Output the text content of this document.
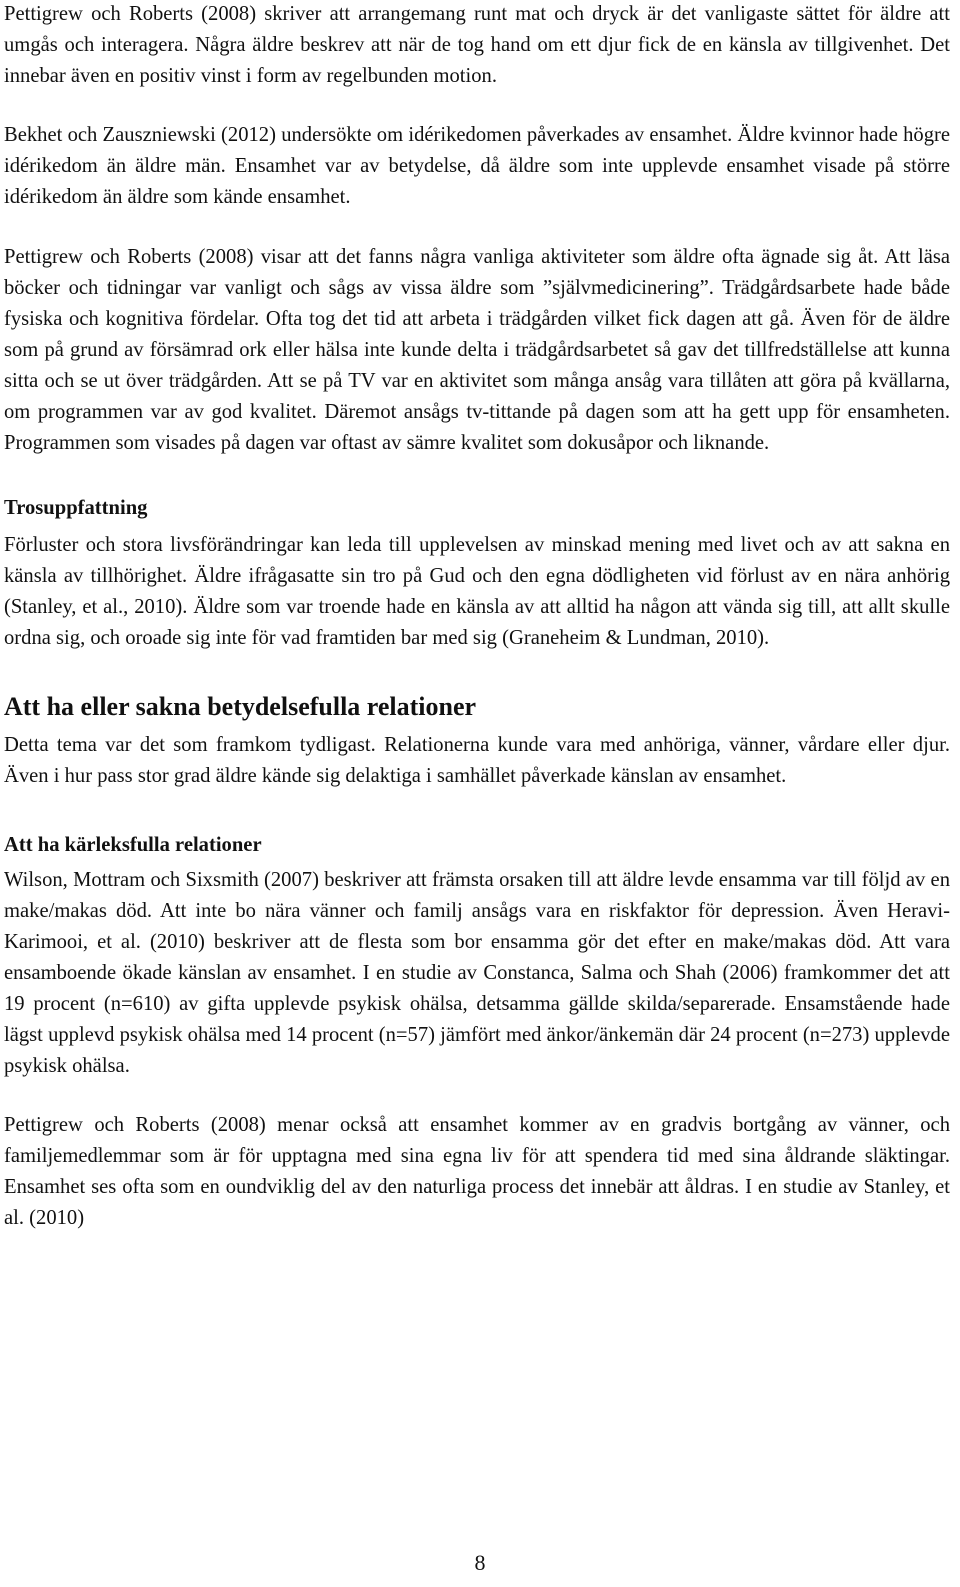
Pettigrew och Roberts (2008) skriver att arrangemang runt mat och dryck är det vanligaste sättet för äldre att umgås och interagera. Några äldre beskrev att när de tog hand om ett djur fick de en känsla av tillgivenhet. Det innebar även en positiv vinst i form av regelbunden motion.

Bekhet och Zauszniewski (2012) undersökte om idérikedomen påverkades av ensamhet. Äldre kvinnor hade högre idérikedom än äldre män. Ensamhet var av betydelse, då äldre som inte upplevde ensamhet visade på större idérikedom än äldre som kände ensamhet.

Pettigrew och Roberts (2008) visar att det fanns några vanliga aktiviteter som äldre ofta ägnade sig åt. Att läsa böcker och tidningar var vanligt och sågs av vissa äldre som ”självmedicinering”. Trädgårdsarbete hade både fysiska och kognitiva fördelar. Ofta tog det tid att arbeta i trädgården vilket fick dagen att gå. Även för de äldre som på grund av försämrad ork eller hälsa inte kunde delta i trädgårdsarbetet så gav det tillfredställelse att kunna sitta och se ut över trädgården. Att se på TV var en aktivitet som många ansåg vara tillåten att göra på kvällarna, om programmen var av god kvalitet. Däremot ansågs tv-tittande på dagen som att ha gett upp för ensamheten. Programmen som visades på dagen var oftast av sämre kvalitet som dokusåpor och liknande.

Trosuppfattning

Förluster och stora livsförändringar kan leda till upplevelsen av minskad mening med livet och av att sakna en känsla av tillhörighet. Äldre ifrågasatte sin tro på Gud och den egna dödligheten vid förlust av en nära anhörig (Stanley, et al., 2010). Äldre som var troende hade en känsla av att alltid ha någon att vända sig till, att allt skulle ordna sig, och oroade sig inte för vad framtiden bar med sig (Graneheim & Lundman, 2010).

Att ha eller sakna betydelsefulla relationer

Detta tema var det som framkom tydligast. Relationerna kunde vara med anhöriga, vänner, vårdare eller djur. Även i hur pass stor grad äldre kände sig delaktiga i samhället påverkade känslan av ensamhet.

Att ha kärleksfulla relationer

Wilson, Mottram och Sixsmith (2007) beskriver att främsta orsaken till att äldre levde ensamma var till följd av en make/makas död. Att inte bo nära vänner och familj ansågs vara en riskfaktor för depression. Även Heravi-Karimooi, et al. (2010) beskriver att de flesta som bor ensamma gör det efter en make/makas död. Att vara ensamboende ökade känslan av ensamhet. I en studie av Constanca, Salma och Shah (2006) framkommer det att 19 procent (n=610) av gifta upplevde psykisk ohälsa, detsamma gällde skilda/separerade. Ensamstående hade lägst upplevd psykisk ohälsa med 14 procent (n=57) jämfört med änkor/änkemän där 24 procent (n=273) upplevde psykisk ohälsa.

Pettigrew och Roberts (2008) menar också att ensamhet kommer av en gradvis bortgång av vänner, och familjemedlemmar som är för upptagna med sina egna liv för att spendera tid med sina åldrande släktingar. Ensamhet ses ofta som en oundviklig del av den naturliga process det innebär att åldras. I en studie av Stanley, et al. (2010)

8
